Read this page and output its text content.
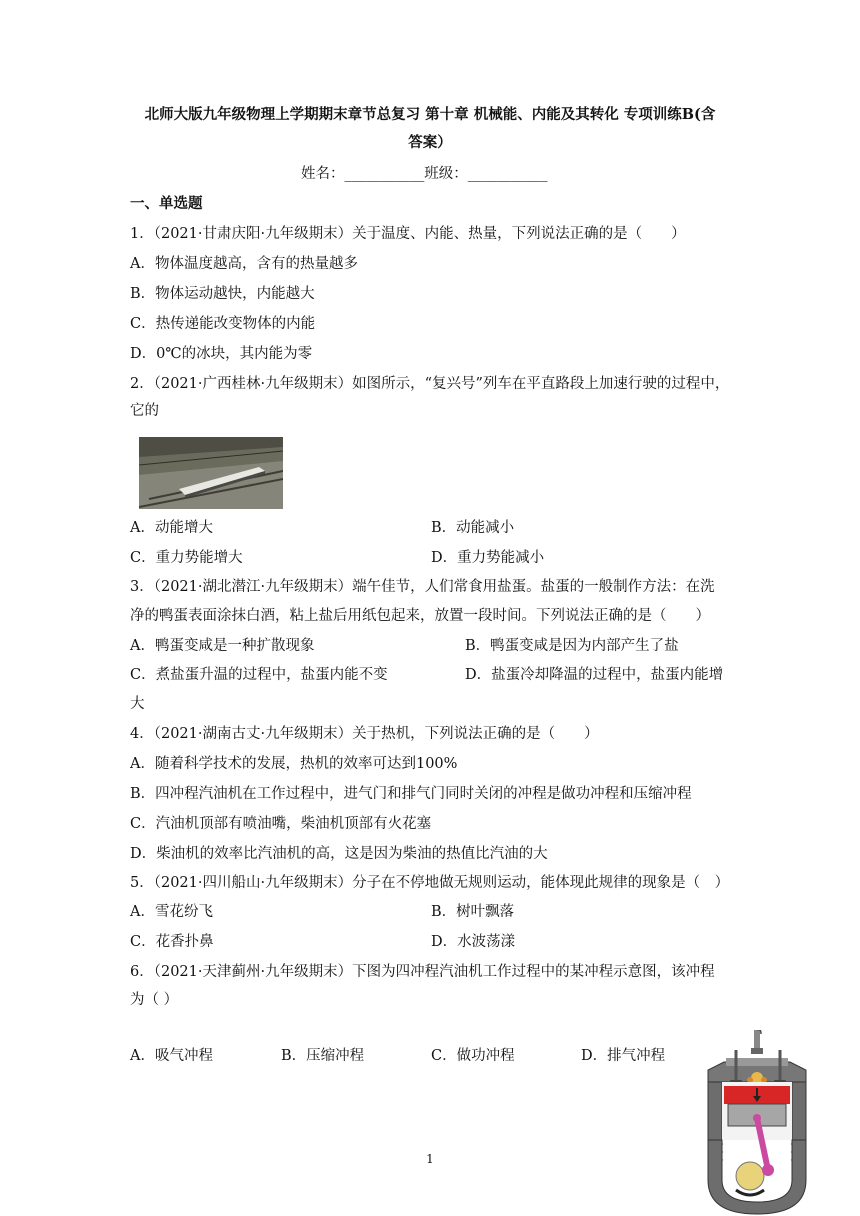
北师大版九年级物理上学期期末章节总复习 第十章 机械能、内能及其转化 专项训练B(含
答案）
姓名：___________班级：___________
一、单选题
1．（2021·甘肃庆阳·九年级期末）关于温度、内能、热量，下列说法正确的是（　　）
A．物体温度越高，含有的热量越多
B．物体运动越快，内能越大
C．热传递能改变物体的内能
D．0℃的冰块，其内能为零
2．（2021·广西桂林·九年级期末）如图所示，“复兴号”列车在平直路段上加速行驶的过程中，
它的
A．动能增大	B．动能减小
C．重力势能增大	D．重力势能减小
3．（2021·湖北潜江·九年级期末）端午佳节，人们常食用盐蛋。盐蛋的一般制作方法：在洗
净的鸭蛋表面涂抹白酒，粘上盐后用纸包起来，放置一段时间。下列说法正确的是（　　）
A．鸭蛋变咸是一种扩散现象	B．鸭蛋变咸是因为内部产生了盐
C．煮盐蛋升温的过程中，盐蛋内能不变	D．盐蛋冷却降温的过程中，盐蛋内能增
大
4．（2021·湖南古丈·九年级期末）关于热机，下列说法正确的是（　　）
A．随着科学技术的发展，热机的效率可达到100%
B．四冲程汽油机在工作过程中，进气门和排气门同时关闭的冲程是做功冲程和压缩冲程
C．汽油机顶部有喷油嘴，柴油机顶部有火花塞
D．柴油机的效率比汽油机的高，这是因为柴油的热值比汽油的大
5．（2021·四川船山·九年级期末）分子在不停地做无规则运动，能体现此规律的现象是（　）
A．雪花纷飞	B．树叶飘落
C．花香扑鼻	D．水波荡漾
6．（2021·天津蓟州·九年级期末）下图为四冲程汽油机工作过程中的某冲程示意图，该冲程
为（ ）
A．吸气冲程	B．压缩冲程	C．做功冲程	D．排气冲程
1
